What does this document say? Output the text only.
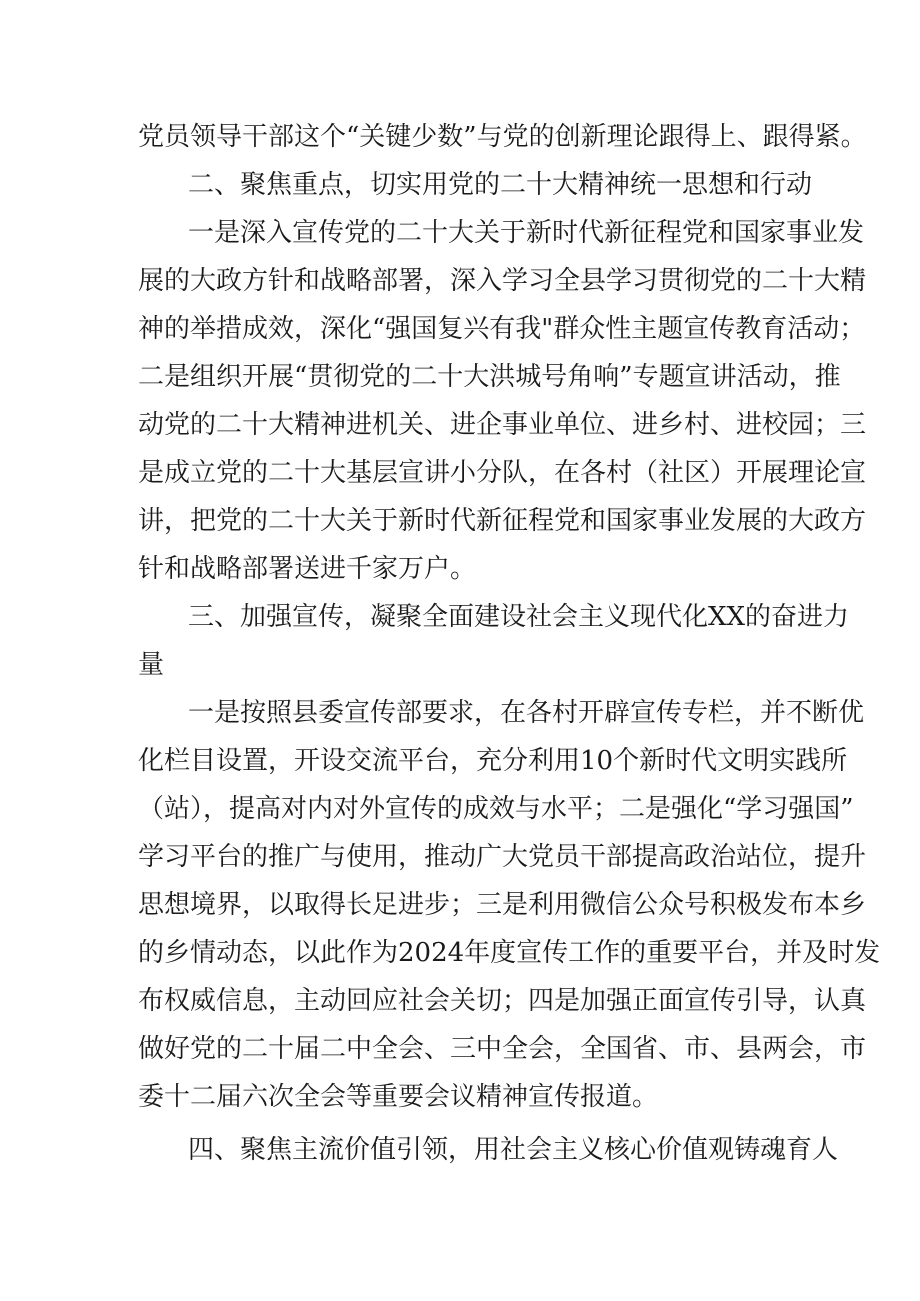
党员领导干部这个“关键少数”与党的创新理论跟得上、跟得紧。
二、聚焦重点，切实用党的二十大精神统一思想和行动
一是深入宣传党的二十大关于新时代新征程党和国家事业发
展的大政方针和战略部署，深入学习全县学习贯彻党的二十大精
神的举措成效，深化“强国复兴有我"群众性主题宣传教育活动；
二是组织开展“贯彻党的二十大洪城号角响”专题宣讲活动，推
动党的二十大精神进机关、进企事业单位、进乡村、进校园；三
是成立党的二十大基层宣讲小分队，在各村（社区）开展理论宣
讲，把党的二十大关于新时代新征程党和国家事业发展的大政方
针和战略部署送进千家万户。
三、加强宣传，凝聚全面建设社会主义现代化XX的奋进力
量
一是按照县委宣传部要求，在各村开辟宣传专栏，并不断优
化栏目设置，开设交流平台，充分利用10个新时代文明实践所
（站），提高对内对外宣传的成效与水平；二是强化“学习强国”
学习平台的推广与使用，推动广大党员干部提高政治站位，提升
思想境界，以取得长足进步；三是利用微信公众号积极发布本乡
的乡情动态，以此作为2024年度宣传工作的重要平台，并及时发
布权威信息，主动回应社会关切；四是加强正面宣传引导，认真
做好党的二十届二中全会、三中全会，全国省、市、县两会，市
委十二届六次全会等重要会议精神宣传报道。
四、聚焦主流价值引领，用社会主义核心价值观铸魂育人
